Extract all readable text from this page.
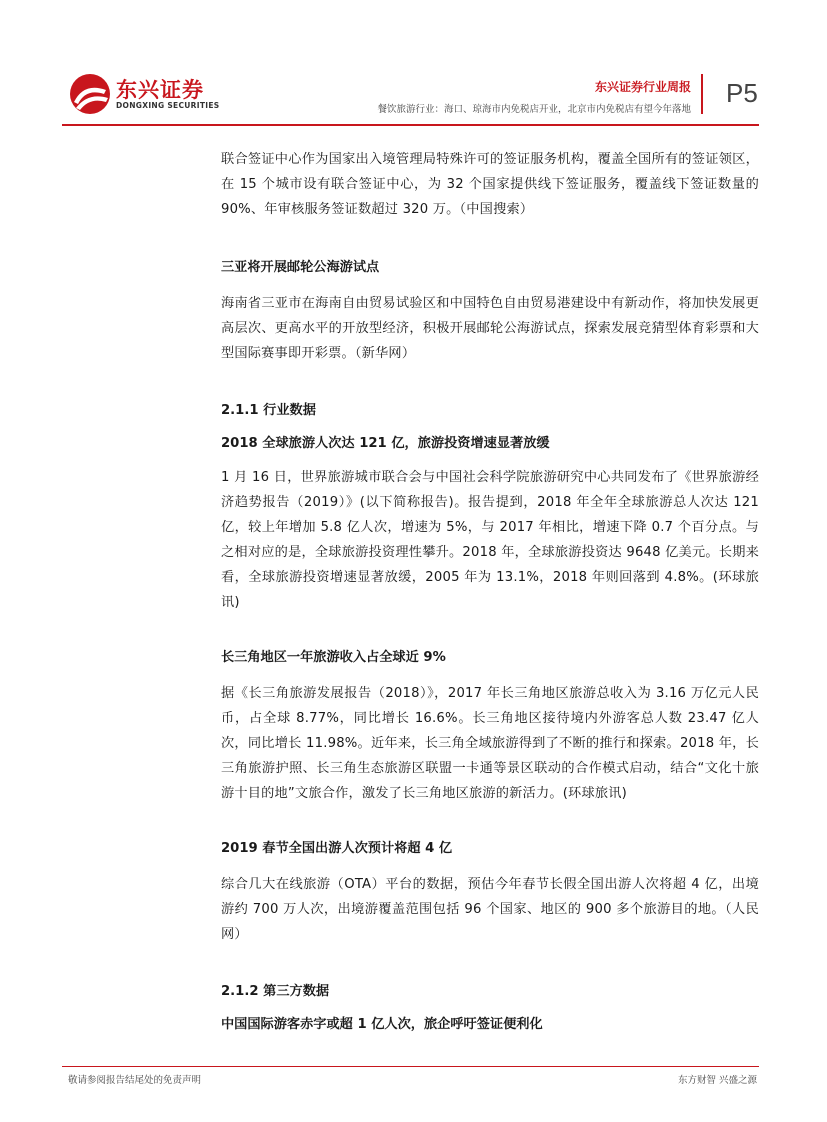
东兴证券
DONGXING SECURITIES
东兴证券行业周报
餐饮旅游行业：海口、琼海市内免税店开业，北京市内免税店有望今年落地
P5

联合签证中心作为国家出入境管理局特殊许可的签证服务机构，覆盖全国所有的签证领区，在 15 个城市设有联合签证中心，为 32 个国家提供线下签证服务，覆盖线下签证数量的 90%、年审核服务签证数超过 320 万。（中国搜索）

三亚将开展邮轮公海游试点

海南省三亚市在海南自由贸易试验区和中国特色自由贸易港建设中有新动作，将加快发展更高层次、更高水平的开放型经济，积极开展邮轮公海游试点，探索发展竞猜型体育彩票和大型国际赛事即开彩票。（新华网）

2.1.1 行业数据

2018 全球旅游人次达 121 亿，旅游投资增速显著放缓

1 月 16 日，世界旅游城市联合会与中国社会科学院旅游研究中心共同发布了《世界旅游经济趋势报告（2019）》(以下简称报告)。报告提到，2018 年全年全球旅游总人次达 121 亿，较上年增加 5.8 亿人次，增速为 5%，与 2017 年相比，增速下降 0.7 个百分点。与之相对应的是，全球旅游投资理性攀升。2018 年，全球旅游投资达 9648 亿美元。长期来看，全球旅游投资增速显著放缓，2005 年为 13.1%，2018 年则回落到 4.8%。(环球旅讯)

长三角地区一年旅游收入占全球近 9%

据《长三角旅游发展报告（2018）》，2017 年长三角地区旅游总收入为 3.16 万亿元人民币，占全球 8.77%，同比增长 16.6%。长三角地区接待境内外游客总人数 23.47 亿人次，同比增长 11.98%。近年来，长三角全域旅游得到了不断的推行和探索。2018 年，长三角旅游护照、长三角生态旅游区联盟一卡通等景区联动的合作模式启动，结合“文化十旅游十目的地”文旅合作，激发了长三角地区旅游的新活力。(环球旅讯)

2019 春节全国出游人次预计将超 4 亿

综合几大在线旅游（OTA）平台的数据，预估今年春节长假全国出游人次将超 4 亿，出境游约 700 万人次，出境游覆盖范围包括 96 个国家、地区的 900 多个旅游目的地。（人民网）

2.1.2 第三方数据

中国国际游客赤字或超 1 亿人次，旅企呼吁签证便利化

敬请参阅报告结尾处的免责声明	东方财智 兴盛之源
